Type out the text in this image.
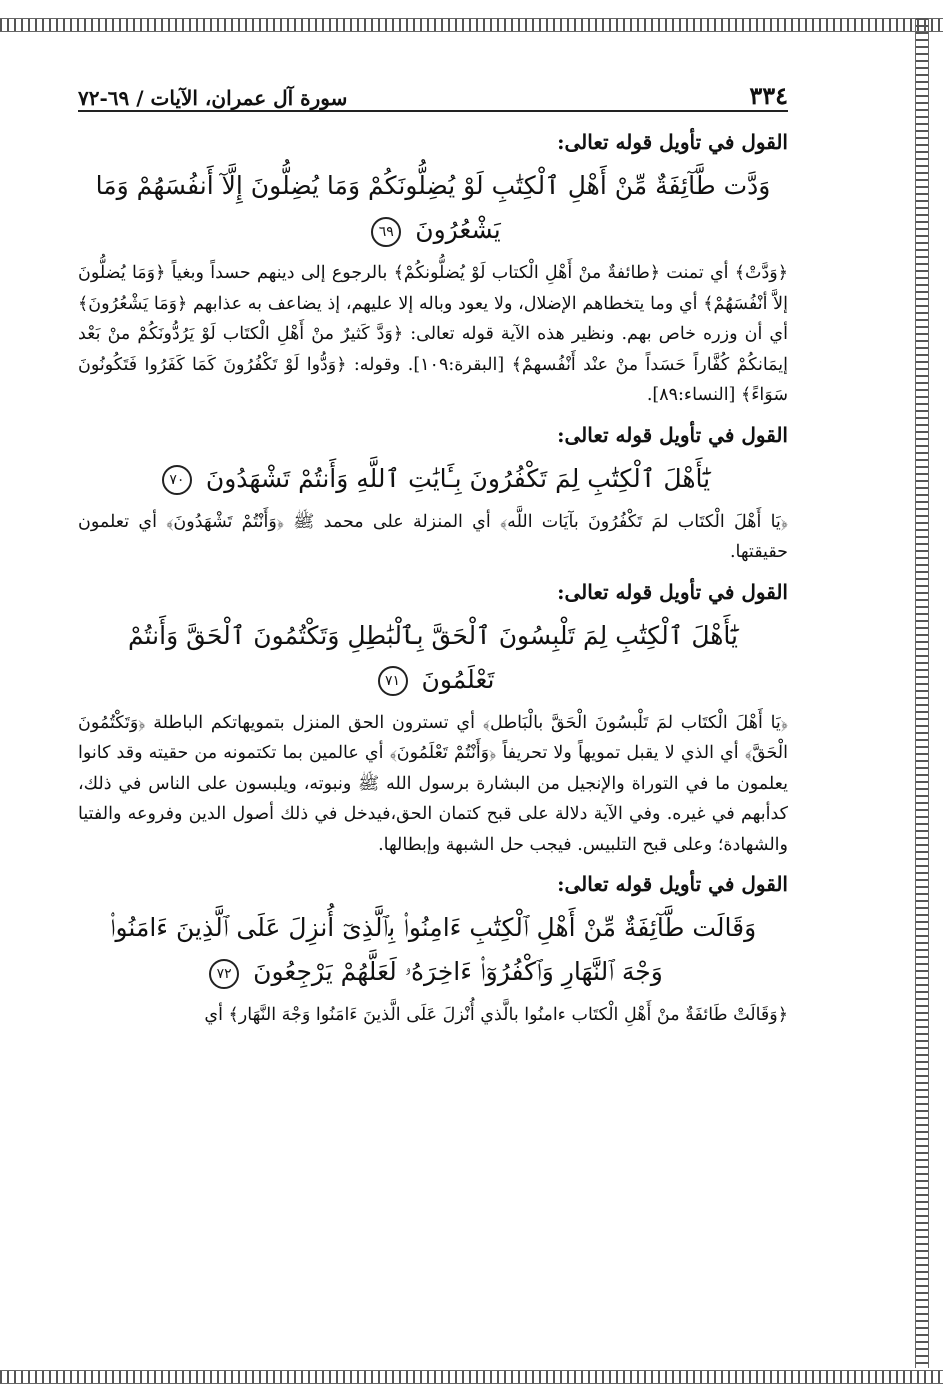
٣٣٤
سورة آل عمران، الآيات / ٦٩-٧٢
القول في تأويل قوله تعالى:
وَدَّت طَّآئِفَةٌ مِّنْ أَهْلِ ٱلْكِتَٰبِ لَوْ يُضِلُّونَكُمْ وَمَا يُضِلُّونَ إِلَّآ أَنفُسَهُمْ وَمَا يَشْعُرُونَ ٦٩

﴿وَدَّتْ﴾ أي تمنت ﴿طائفةٌ منْ أَهْلِ الْكتاب لَوْ يُضلُّونكُمْ﴾ بالرجوع إلى دينهم حسداً وبغياً ﴿وَمَا يُضلُّونَ إلاَّ أنْفُسَهُمْ﴾ أي وما يتخطاهم الإضلال، ولا يعود وباله إلا عليهم، إذ يضاعف به عذابهم ﴿وَمَا يَشْعُرُونَ﴾ أي أن وزره خاص بهم. ونظير هذه الآية قوله تعالى: ﴿وَدَّ كَثيرٌ منْ أَهْلِ الْكتَاب لَوْ يَرُدُّونَكُمْ منْ بَعْد إيمَانكُمْ كُفَّاراً حَسَداً منْ عنْد أَنْفُسهمْ﴾ [البقرة:١٠٩]. وقوله: ﴿وَدُّوا لَوْ تَكْفُرُونَ كَمَا كَفَرُوا فَتَكُونُونَ سَوَاءً﴾ [النساء:٨٩].

القول في تأويل قوله تعالى:
يَٰٓأَهْلَ ٱلْكِتَٰبِ لِمَ تَكْفُرُونَ بِـَٔايَٰتِ ٱللَّهِ وَأَنتُمْ تَشْهَدُونَ ٧٠

﴿يَا أَهْلَ الْكتَاب لمَ تَكْفُرُونَ بآيَات اللَّه﴾ أي المنزلة على محمد ﷺ ﴿وَأَنْتُمْ تَشْهَدُونَ﴾ أي تعلمون حقيقتها.

القول في تأويل قوله تعالى:
يَٰٓأَهْلَ ٱلْكِتَٰبِ لِمَ تَلْبِسُونَ ٱلْحَقَّ بِٱلْبَٰطِلِ وَتَكْتُمُونَ ٱلْحَقَّ وَأَنتُمْ تَعْلَمُونَ ٧١

﴿يَا أَهْلَ الْكتَاب لمَ تَلْبسُونَ الْحَقَّ بالْبَاطل﴾ أي تسترون الحق المنزل بتمويهاتكم الباطلة ﴿وَتَكْتُمُونَ الْحَقَّ﴾ أي الذي لا يقبل تمويهاً ولا تحريفاً ﴿وَأَنْتُمْ تَعْلَمُونَ﴾ أي عالمين بما تكتمونه من حقيته وقد كانوا يعلمون ما في التوراة والإنجيل من البشارة برسول الله ﷺ ونبوته، ويلبسون على الناس في ذلك، كدأبهم في غيره. وفي الآية دلالة على قبح كتمان الحق،فيدخل في ذلك أصول الدين وفروعه والفتيا والشهادة؛ وعلى قبح التلبيس. فيجب حل الشبهة وإبطالها.

القول في تأويل قوله تعالى:
وَقَالَت طَّآئِفَةٌ مِّنْ أَهْلِ ٱلْكِتَٰبِ ءَامِنُوا۟ بِٱلَّذِىٓ أُنزِلَ عَلَى ٱلَّذِينَ ءَامَنُوا۟ وَجْهَ ٱلنَّهَارِ وَٱكْفُرُوٓا۟ ءَاخِرَهُۥ لَعَلَّهُمْ يَرْجِعُونَ ٧٢

﴿وَقَالَتْ طَائفَةٌ منْ أَهْلِ الْكتَاب ءامنُوا بالَّذي أُنْزلَ عَلَى الَّذينَ ءَامَنُوا وَجْهَ النَّهَار﴾ أي
